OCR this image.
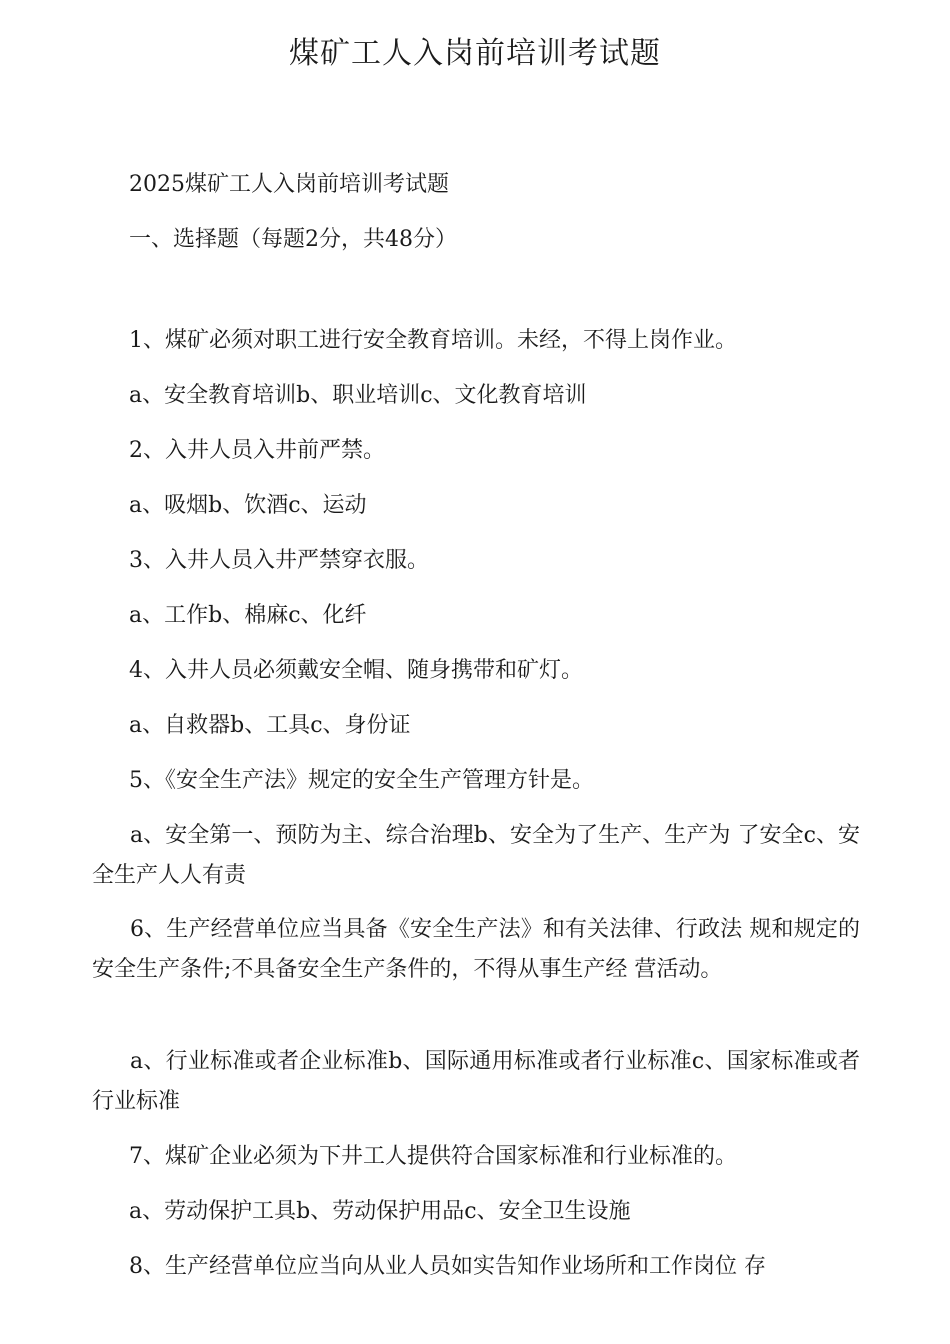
煤矿工人入岗前培训考试题

2025煤矿工人入岗前培训考试题

一、选择题（每题2分，共48分）

1、煤矿必须对职工进行安全教育培训。未经，不得上岗作业。

a、安全教育培训b、职业培训c、文化教育培训

2、入井人员入井前严禁。

a、吸烟b、饮酒c、运动

3、入井人员入井严禁穿衣服。

a、工作b、棉麻c、化纤

4、入井人员必须戴安全帽、随身携带和矿灯。

a、自救器b、工具c、身份证

5、《安全生产法》规定的安全生产管理方针是。

a、安全第一、预防为主、综合治理b、安全为了生产、生产为 了安全c、安全生产人人有责

6、生产经营单位应当具备《安全生产法》和有关法律、行政法 规和规定的安全生产条件;不具备安全生产条件的，不得从事生产经 营活动。

a、行业标准或者企业标准b、国际通用标准或者行业标准c、国家标准或者行业标准

7、煤矿企业必须为下井工人提供符合国家标准和行业标准的。

a、劳动保护工具b、劳动保护用品c、安全卫生设施

8、生产经营单位应当向从业人员如实告知作业场所和工作岗位 存
